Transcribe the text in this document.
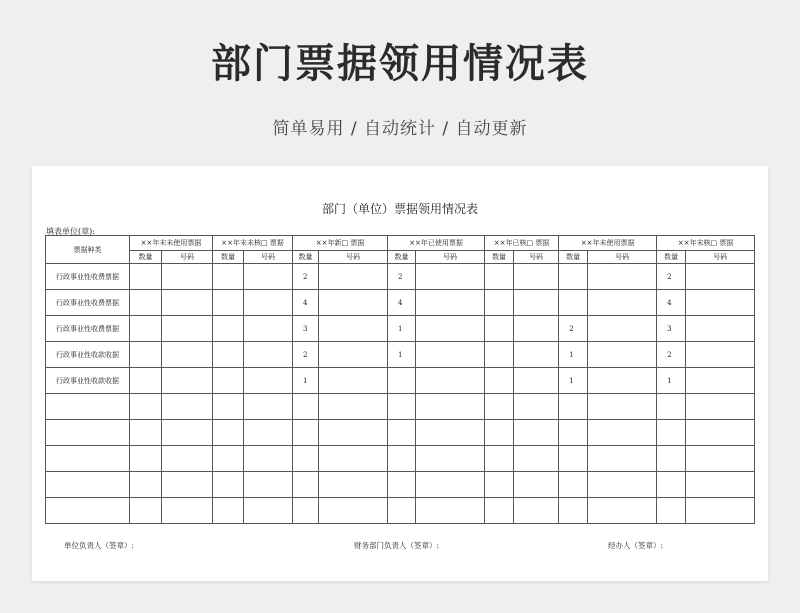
部门票据领用情况表
简单易用 / 自动统计 / 自动更新
部门（单位）票据领用情况表
填表单位(章):
票据种类	××年末未使用票据		××年末未核□ 票据		××年新□ 票据		××年已使用票据		××年已核□ 票据		××年未使用票据		××年末核□ 票据	
	数量	号码	数量	号码	数量	号码	数量	号码	数量	号码	数量	号码	数量	号码
行政事业性收费票据					2		2						2	
行政事业性收费票据					4		4						4	
行政事业性收费票据					3		1				2		3	
行政事业性收款收据					2		1				1		2	
行政事业性收款收据					1						1		1	

单位负责人（签章）:	财务部门负责人（签章）:	经办人（签章）:
